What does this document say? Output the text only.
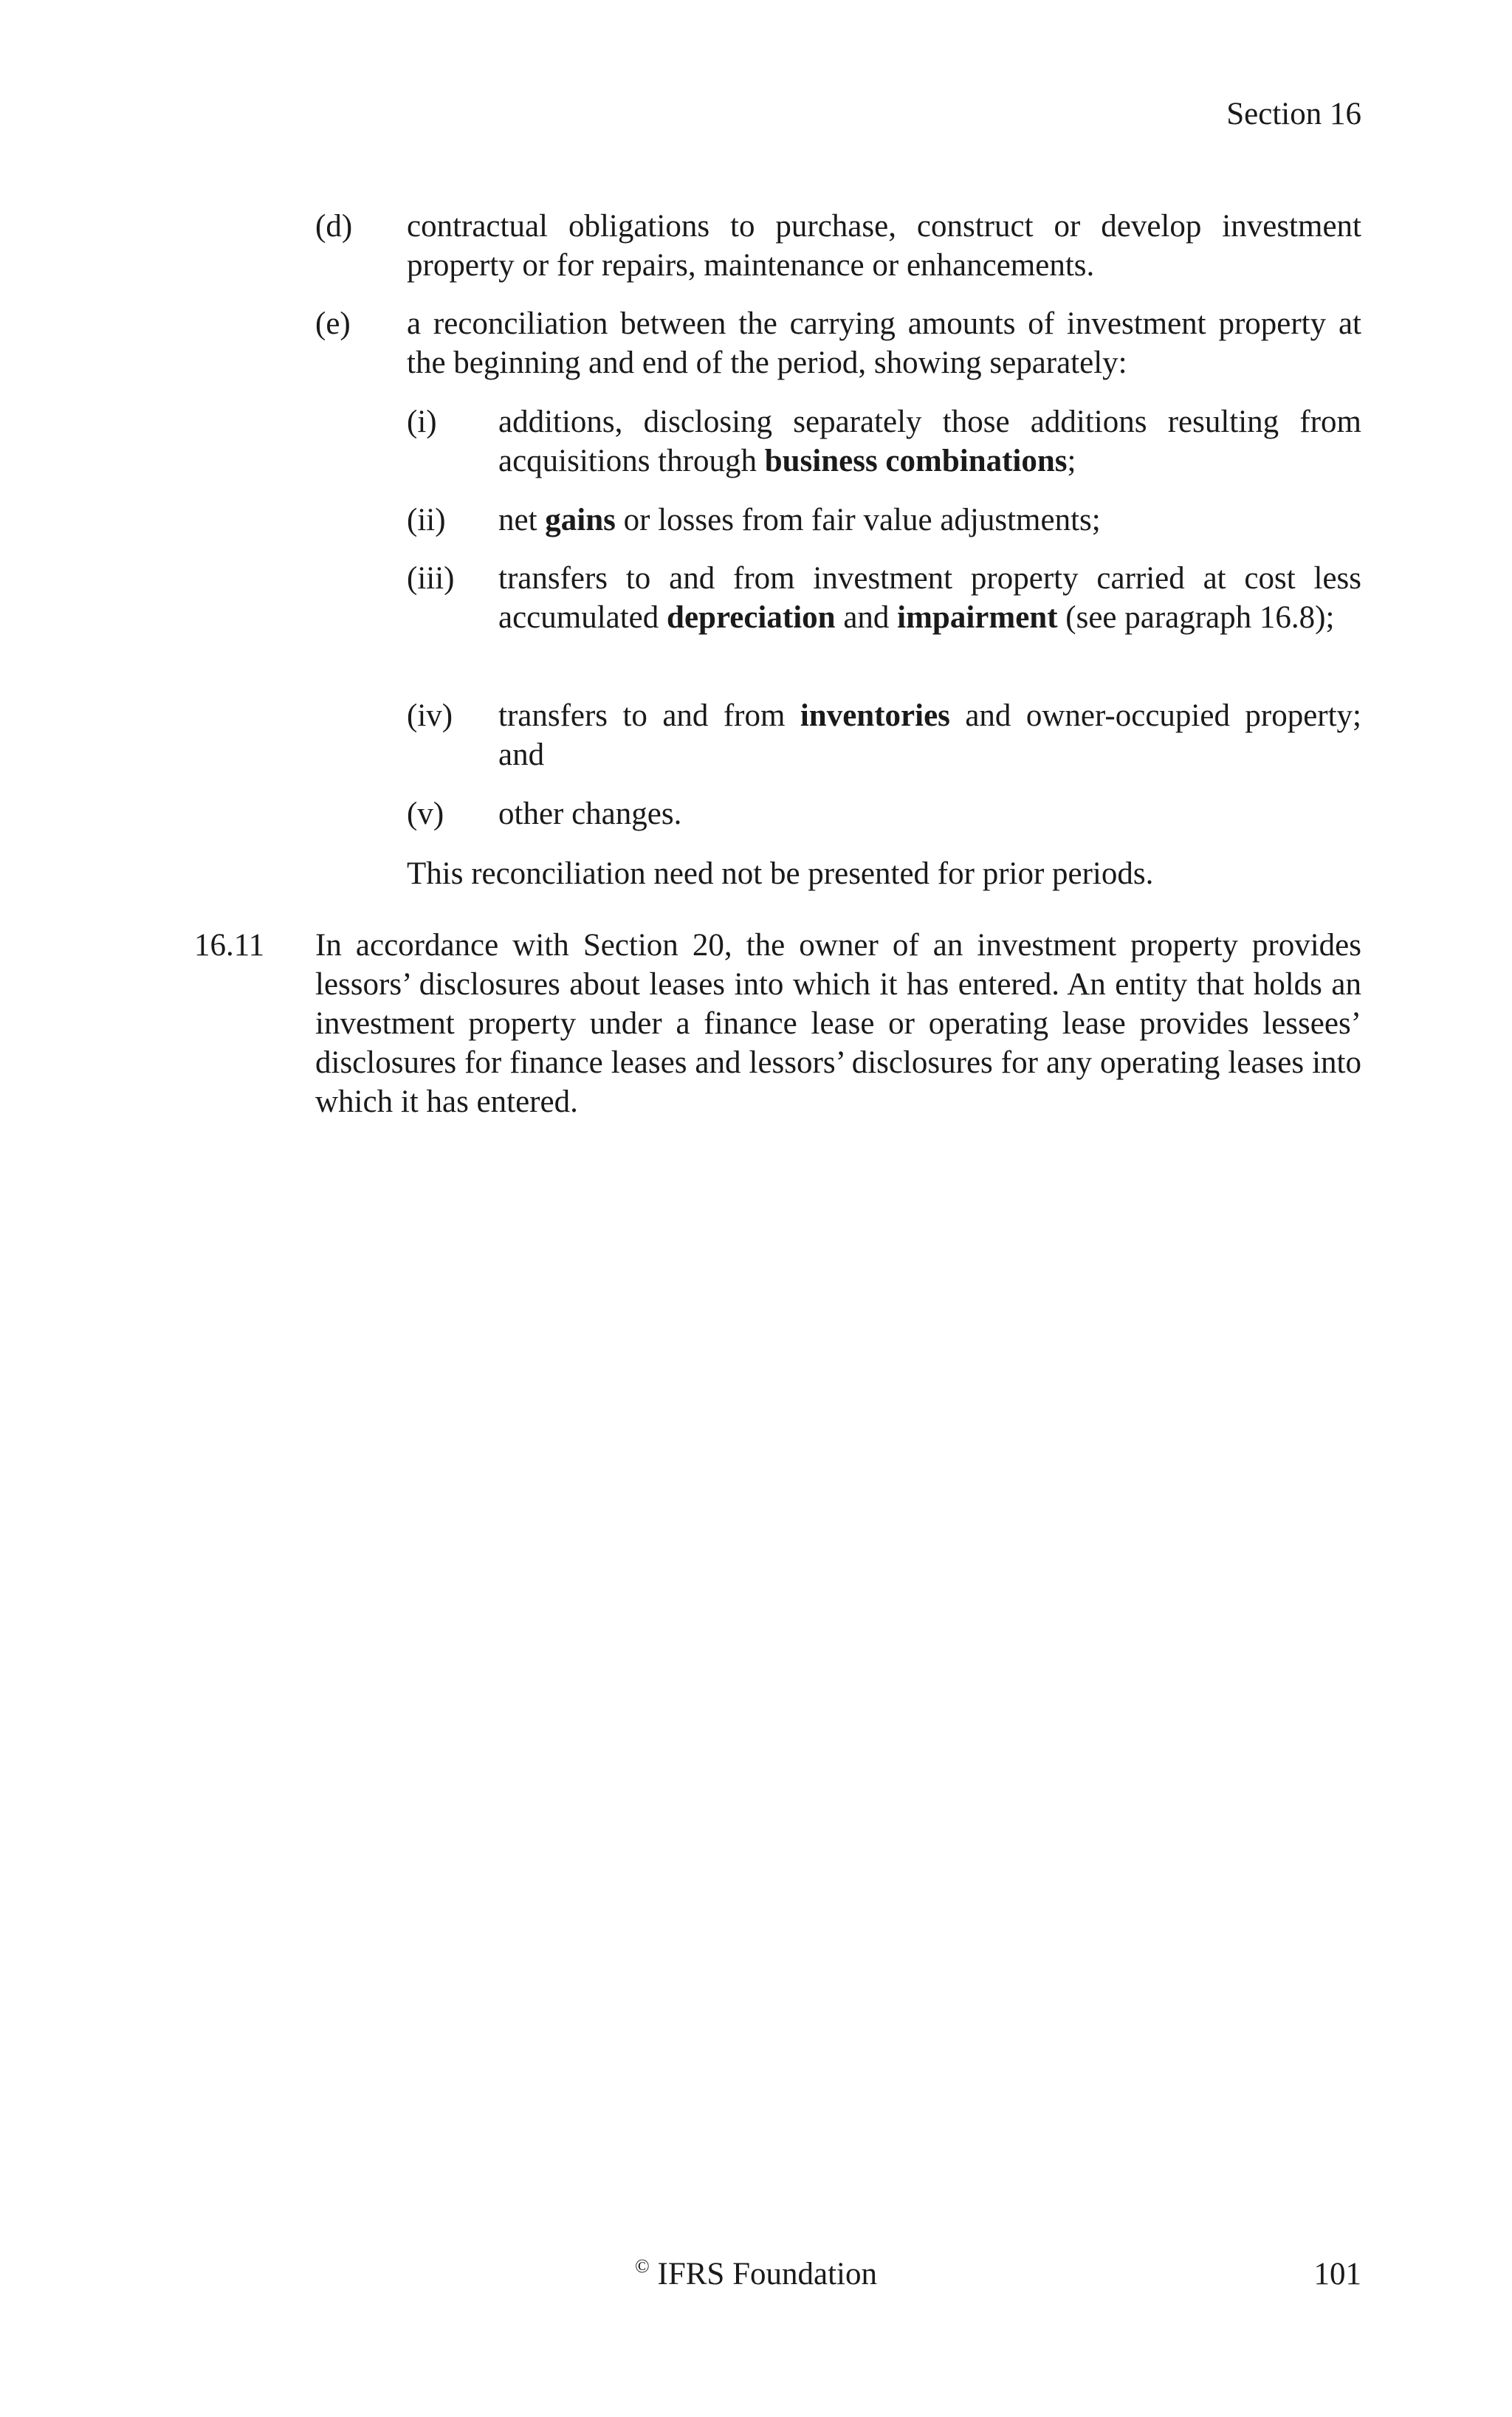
Section 16
(d)	contractual obligations to purchase, construct or develop investment property or for repairs, maintenance or enhancements.
(e)	a reconciliation between the carrying amounts of investment property at the beginning and end of the period, showing separately:
(i)	additions, disclosing separately those additions resulting from acquisitions through business combinations;
(ii)	net gains or losses from fair value adjustments;
(iii)	transfers to and from investment property carried at cost less accumulated depreciation and impairment (see paragraph 16.8);
(iv)	transfers to and from inventories and owner-occupied property; and
(v)	other changes.
This reconciliation need not be presented for prior periods.
16.11	In accordance with Section 20, the owner of an investment property provides lessors’ disclosures about leases into which it has entered. An entity that holds an investment property under a finance lease or operating lease provides lessees’ disclosures for finance leases and lessors’ disclosures for any operating leases into which it has entered.
© IFRS Foundation	101
